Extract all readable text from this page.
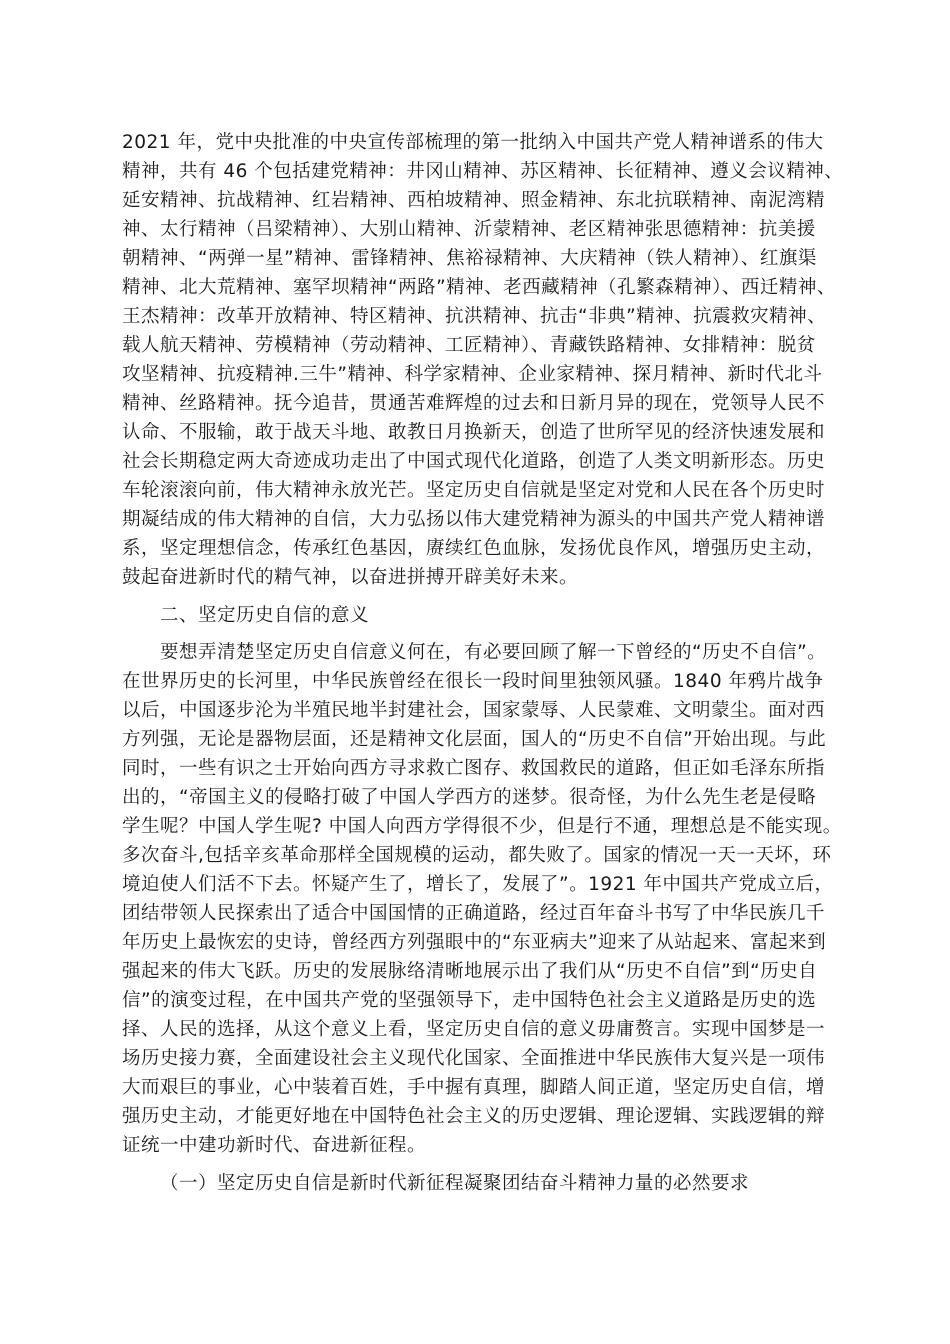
2021 年，党中央批准的中央宣传部梳理的第一批纳入中国共产党人精神谱系的伟大
精神，共有 46 个包括建党精神：井冈山精神、苏区精神、长征精神、遵义会议精神、
延安精神、抗战精神、红岩精神、西柏坡精神、照金精神、东北抗联精神、南泥湾精
神、太行精神（吕梁精神）、大别山精神、沂蒙精神、老区精神张思德精神：抗美援
朝精神、“两弹一星”精神、雷锋精神、焦裕禄精神、大庆精神（铁人精神）、红旗渠
精神、北大荒精神、塞罕坝精神“两路”精神、老西藏精神（孔繁森精神）、西迁精神、
王杰精神：改革开放精神、特区精神、抗洪精神、抗击“非典”精神、抗震救灾精神、
载人航天精神、劳模精神（劳动精神、工匠精神）、青藏铁路精神、女排精神：脱贫
攻坚精神、抗疫精神.三牛”精神、科学家精神、企业家精神、探月精神、新时代北斗
精神、丝路精神。抚今追昔，贯通苦难辉煌的过去和日新月异的现在，党领导人民不
认命、不服输，敢于战天斗地、敢教日月换新天，创造了世所罕见的经济快速发展和
社会长期稳定两大奇迹成功走出了中国式现代化道路，创造了人类文明新形态。历史
车轮滚滚向前，伟大精神永放光芒。坚定历史自信就是坚定对党和人民在各个历史时
期凝结成的伟大精神的自信，大力弘扬以伟大建党精神为源头的中国共产党人精神谱
系，坚定理想信念，传承红色基因，赓续红色血脉，发扬优良作风，增强历史主动，
鼓起奋进新时代的精气神，以奋进拼搏开辟美好未来。
二、坚定历史自信的意义
要想弄清楚坚定历史自信意义何在，有必要回顾了解一下曾经的“历史不自信”。
在世界历史的长河里，中华民族曾经在很长一段时间里独领风骚。1840 年鸦片战争
以后，中国逐步沦为半殖民地半封建社会，国家蒙辱、人民蒙难、文明蒙尘。面对西
方列强，无论是器物层面，还是精神文化层面，国人的“历史不自信”开始出现。与此
同时，一些有识之士开始向西方寻求救亡图存、救国救民的道路，但正如毛泽东所指
出的，“帝国主义的侵略打破了中国人学西方的迷梦。很奇怪，为什么先生老是侵略
学生呢？中国人学生呢? 中国人向西方学得很不少，但是行不通，理想总是不能实现。
多次奋斗,包括辛亥革命那样全国规模的运动，都失败了。国家的情况一天一天坏，环
境迫使人们活不下去。怀疑产生了，增长了，发展了”。1921 年中国共产党成立后，
团结带领人民探索出了适合中国国情的正确道路，经过百年奋斗书写了中华民族几千
年历史上最恢宏的史诗，曾经西方列强眼中的“东亚病夫”迎来了从站起来、富起来到
强起来的伟大飞跃。历史的发展脉络清晰地展示出了我们从“历史不自信”到“历史自
信”的演变过程，在中国共产党的坚强领导下，走中国特色社会主义道路是历史的选
择、人民的选择，从这个意义上看，坚定历史自信的意义毋庸赘言。实现中国梦是一
场历史接力赛，全面建设社会主义现代化国家、全面推进中华民族伟大复兴是一项伟
大而艰巨的事业，心中装着百姓，手中握有真理，脚踏人间正道，坚定历史自信，增
强历史主动，才能更好地在中国特色社会主义的历史逻辑、理论逻辑、实践逻辑的辩
证统一中建功新时代、奋进新征程。
（一）坚定历史自信是新时代新征程凝聚团结奋斗精神力量的必然要求
